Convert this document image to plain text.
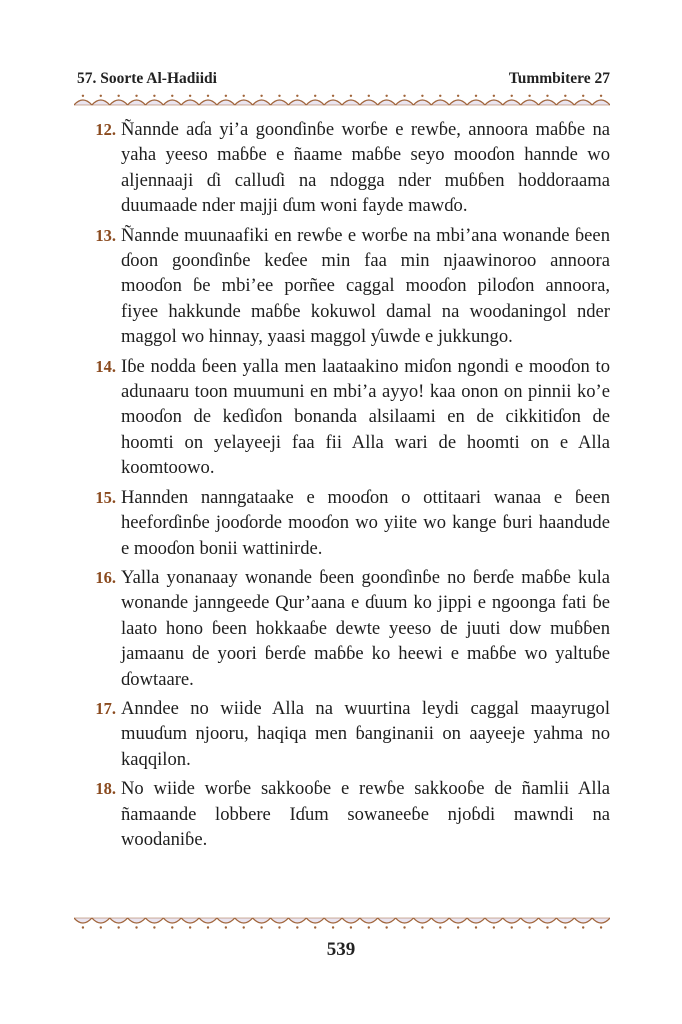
57. Soorte Al-Hadiidi	Tummbitere 27
12. Ñannde aɗa yi’a goonɗinɓe worɓe e rewɓe, annoora maɓɓe na
yaha yeeso maɓɓe e ñaame maɓɓe seyo mooɗon hannde wo
aljennaaji ɗi calluɗi na ndogga nder muɓɓen hoddoraama
duumaade nder majji ɗum woni fayde mawɗo.
13. Ñannde muunaafiki en rewɓe e worɓe na mbi’ana wonande ɓeen
ɗoon goonɗinɓe keɗee min faa min njaawinoroo annoora
mooɗon ɓe mbi’ee porñee caggal mooɗon piloɗon annoora,
fiyee hakkunde maɓɓe kokuwol damal na woodaningol nder
maggol wo hinnay, yaasi maggol ƴuwde e jukkungo.
14. Iɓe nodda ɓeen yalla men laataakino miɗon ngondi e mooɗon to
adunaaru toon muumuni en mbi’a ayyo! kaa onon on pinnii ko’e
mooɗon de keɗiɗon bonanda alsilaami en de cikkitiɗon de
hoomti on yelayeeji faa fii Alla wari de hoomti on e Alla
koomtoowo.
15. Hannden nanngataake e mooɗon o ottitaari wanaa e ɓeen
heeforɗinɓe jooɗorde mooɗon wo yiite wo kange ɓuri haandude
e mooɗon bonii wattinirde.
16. Yalla yonanaay wonande ɓeen goonɗinɓe no ɓerɗe maɓɓe kula
wonande janngeede Qur’aana e ɗuum ko jippi e ngoonga fati ɓe
laato hono ɓeen hokkaaɓe dewte yeeso de juuti dow muɓɓen
jamaanu de yoori ɓerɗe maɓɓe ko heewi e maɓɓe wo yaltuɓe
ɗowtaare.
17. Anndee no wiide Alla na wuurtina leydi caggal maayrugol
muuɗum njooru, haqiqa men ɓanginanii on aayeeje yahma no
kaqqilon.
18. No wiide worɓe sakkooɓe e rewɓe sakkooɓe de ñamlii Alla
ñamaande lobbere Iɗum sowaneeɓe njoɓdi mawndi na
woodaniɓe.
539
